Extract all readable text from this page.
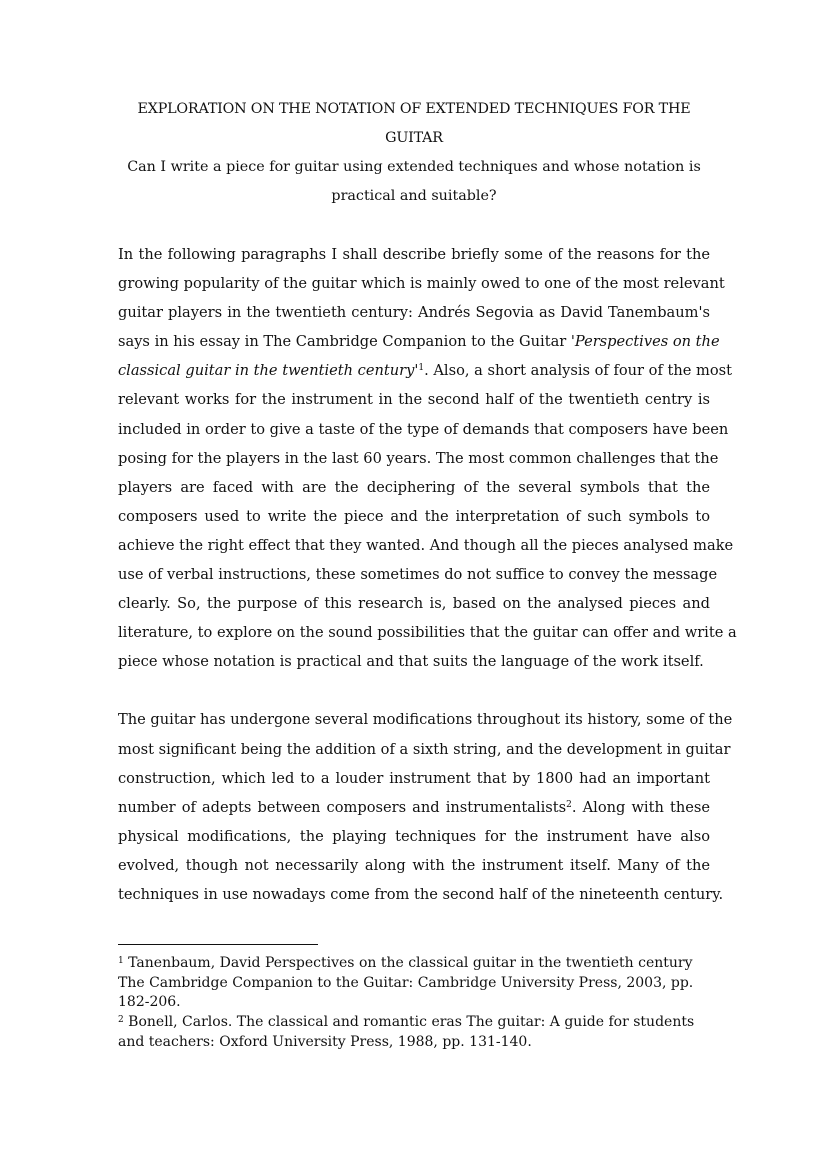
EXPLORATION ON THE NOTATION OF EXTENDED TECHNIQUES FOR THE GUITAR

Can I write a piece for guitar using extended techniques and whose notation is

practical and suitable?

In the following paragraphs I shall describe briefly some of the reasons for the
growing popularity of the guitar which is mainly owed to one of the most relevant
guitar players in the twentieth century: Andrés Segovia as David Tanembaum's
says in his essay in The Cambridge Companion to the Guitar 'Perspectives on the
classical guitar in the twentieth $century'^1$. Also, a short analysis of four of the most
relevant works for the instrument in the second half of the twentieth centry is
included in order to give a taste of the type of demands that composers have been
posing for the players in the last 60 years. The most common challenges that the
players are faced with are the deciphering of the several symbols that the
composers used to write the piece and the interpretation of such symbols to
achieve the right effect that they wanted. And though all the pieces analysed make
use of verbal instructions, these sometimes do not suffice to convey the message
clearly. So, the purpose of this research is, based on the analysed pieces and
literature, to explore on the sound possibilities that the guitar can offer and write a
piece whose notation is practical and that suits the language of the work itself.
The guitar has undergone several modifications throughout its history, some of the
most significant being the addition of a sixth string, and the development in guitar
construction, which led to a louder instrument that by 1800 had an important
number of adepts between composers and instrumentalists$^2$. Along with these
physical modifications, the playing techniques for the instrument have also
evolved, though not necessarily along with the instrument itself. Many of the
techniques in use nowadays come from the second half of the nineteenth century.

$^1$ Tanenbaum, David Perspectives on the classical guitar in the twentieth century

The Cambridge Companion to the Guitar: Cambridge University Press, 2003, pp.

182-206.

$^2$ Bonell, Carlos. The classical and romantic eras The guitar: A guide for students

and teachers: Oxford University Press, 1988, pp. 131-140.
